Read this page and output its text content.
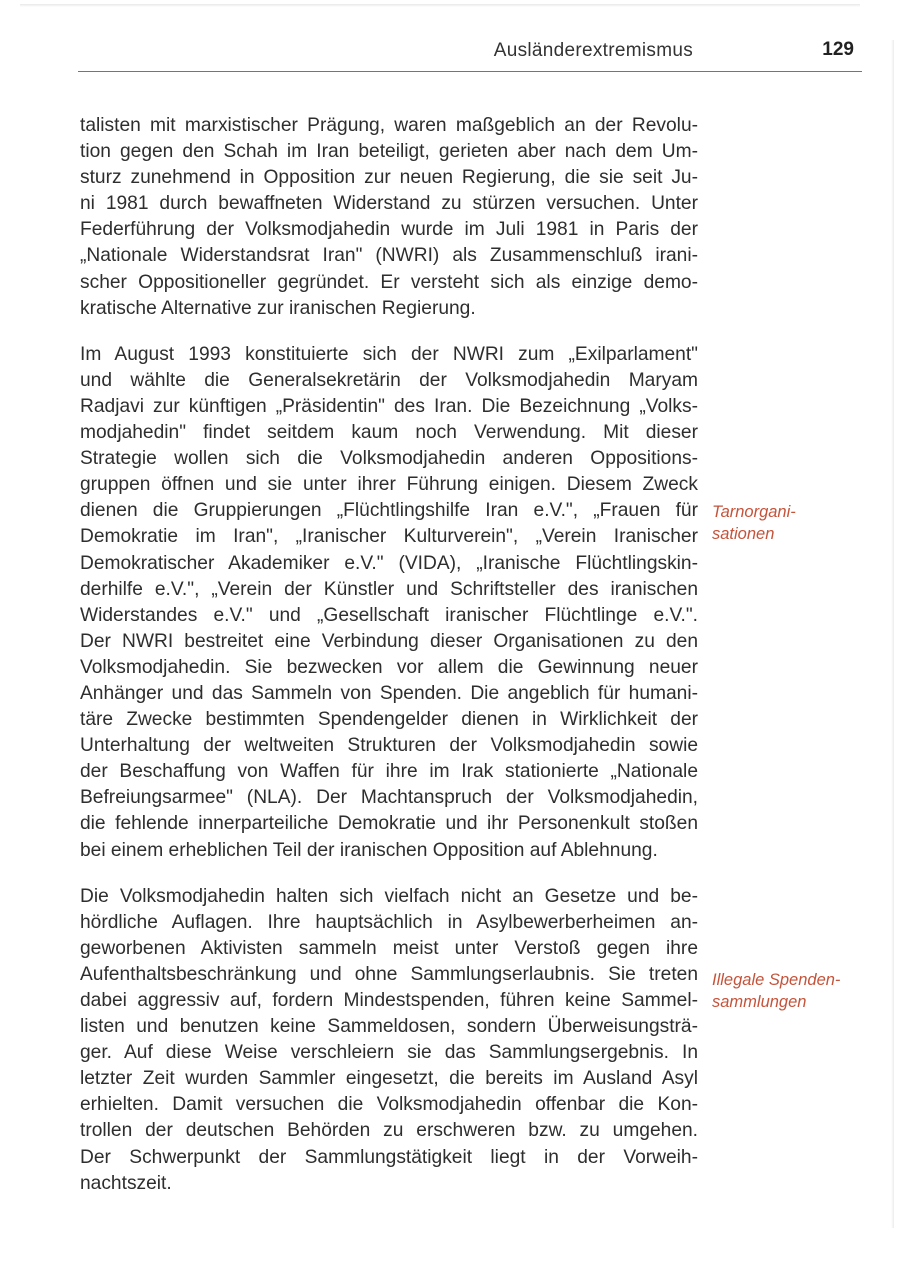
Ausländerextremismus	129

talisten mit marxistischer Prägung, waren maßgeblich an der Revolu-
tion gegen den Schah im Iran beteiligt, gerieten aber nach dem Um-
sturz zunehmend in Opposition zur neuen Regierung, die sie seit Ju-
ni 1981 durch bewaffneten Widerstand zu stürzen versuchen. Unter
Federführung der Volksmodjahedin wurde im Juli 1981 in Paris der
„Nationale Widerstandsrat Iran" (NWRI) als Zusammenschluß irani-
scher Oppositioneller gegründet. Er versteht sich als einzige demo-
kratische Alternative zur iranischen Regierung.

Im August 1993 konstituierte sich der NWRI zum „Exilparlament"
und wählte die Generalsekretärin der Volksmodjahedin Maryam
Radjavi zur künftigen „Präsidentin" des Iran. Die Bezeichnung „Volks-
modjahedin" findet seitdem kaum noch Verwendung. Mit dieser
Strategie wollen sich die Volksmodjahedin anderen Oppositions-
gruppen öffnen und sie unter ihrer Führung einigen. Diesem Zweck
dienen die Gruppierungen „Flüchtlingshilfe Iran e.V.", „Frauen für
Demokratie im Iran", „Iranischer Kulturverein", „Verein Iranischer
Demokratischer Akademiker e.V." (VIDA), „Iranische Flüchtlingskin-
derhilfe e.V.", „Verein der Künstler und Schriftsteller des iranischen
Widerstandes e.V." und „Gesellschaft iranischer Flüchtlinge e.V.".
Der NWRI bestreitet eine Verbindung dieser Organisationen zu den
Volksmodjahedin. Sie bezwecken vor allem die Gewinnung neuer
Anhänger und das Sammeln von Spenden. Die angeblich für humani-
täre Zwecke bestimmten Spendengelder dienen in Wirklichkeit der
Unterhaltung der weltweiten Strukturen der Volksmodjahedin sowie
der Beschaffung von Waffen für ihre im Irak stationierte „Nationale
Befreiungsarmee" (NLA). Der Machtanspruch der Volksmodjahedin,
die fehlende innerparteiliche Demokratie und ihr Personenkult stoßen
bei einem erheblichen Teil der iranischen Opposition auf Ablehnung.

Die Volksmodjahedin halten sich vielfach nicht an Gesetze und be-
hördliche Auflagen. Ihre hauptsächlich in Asylbewerberheimen an-
geworbenen Aktivisten sammeln meist unter Verstoß gegen ihre
Aufenthaltsbeschränkung und ohne Sammlungserlaubnis. Sie treten
dabei aggressiv auf, fordern Mindestspenden, führen keine Sammel-
listen und benutzen keine Sammeldosen, sondern Überweisungsträ-
ger. Auf diese Weise verschleiern sie das Sammlungsergebnis. In
letzter Zeit wurden Sammler eingesetzt, die bereits im Ausland Asyl
erhielten. Damit versuchen die Volksmodjahedin offenbar die Kon-
trollen der deutschen Behörden zu erschweren bzw. zu umgehen.
Der Schwerpunkt der Sammlungstätigkeit liegt in der Vorweih-
nachtszeit.

Tarnorgani-
sationen
Illegale Spenden-
sammlungen
